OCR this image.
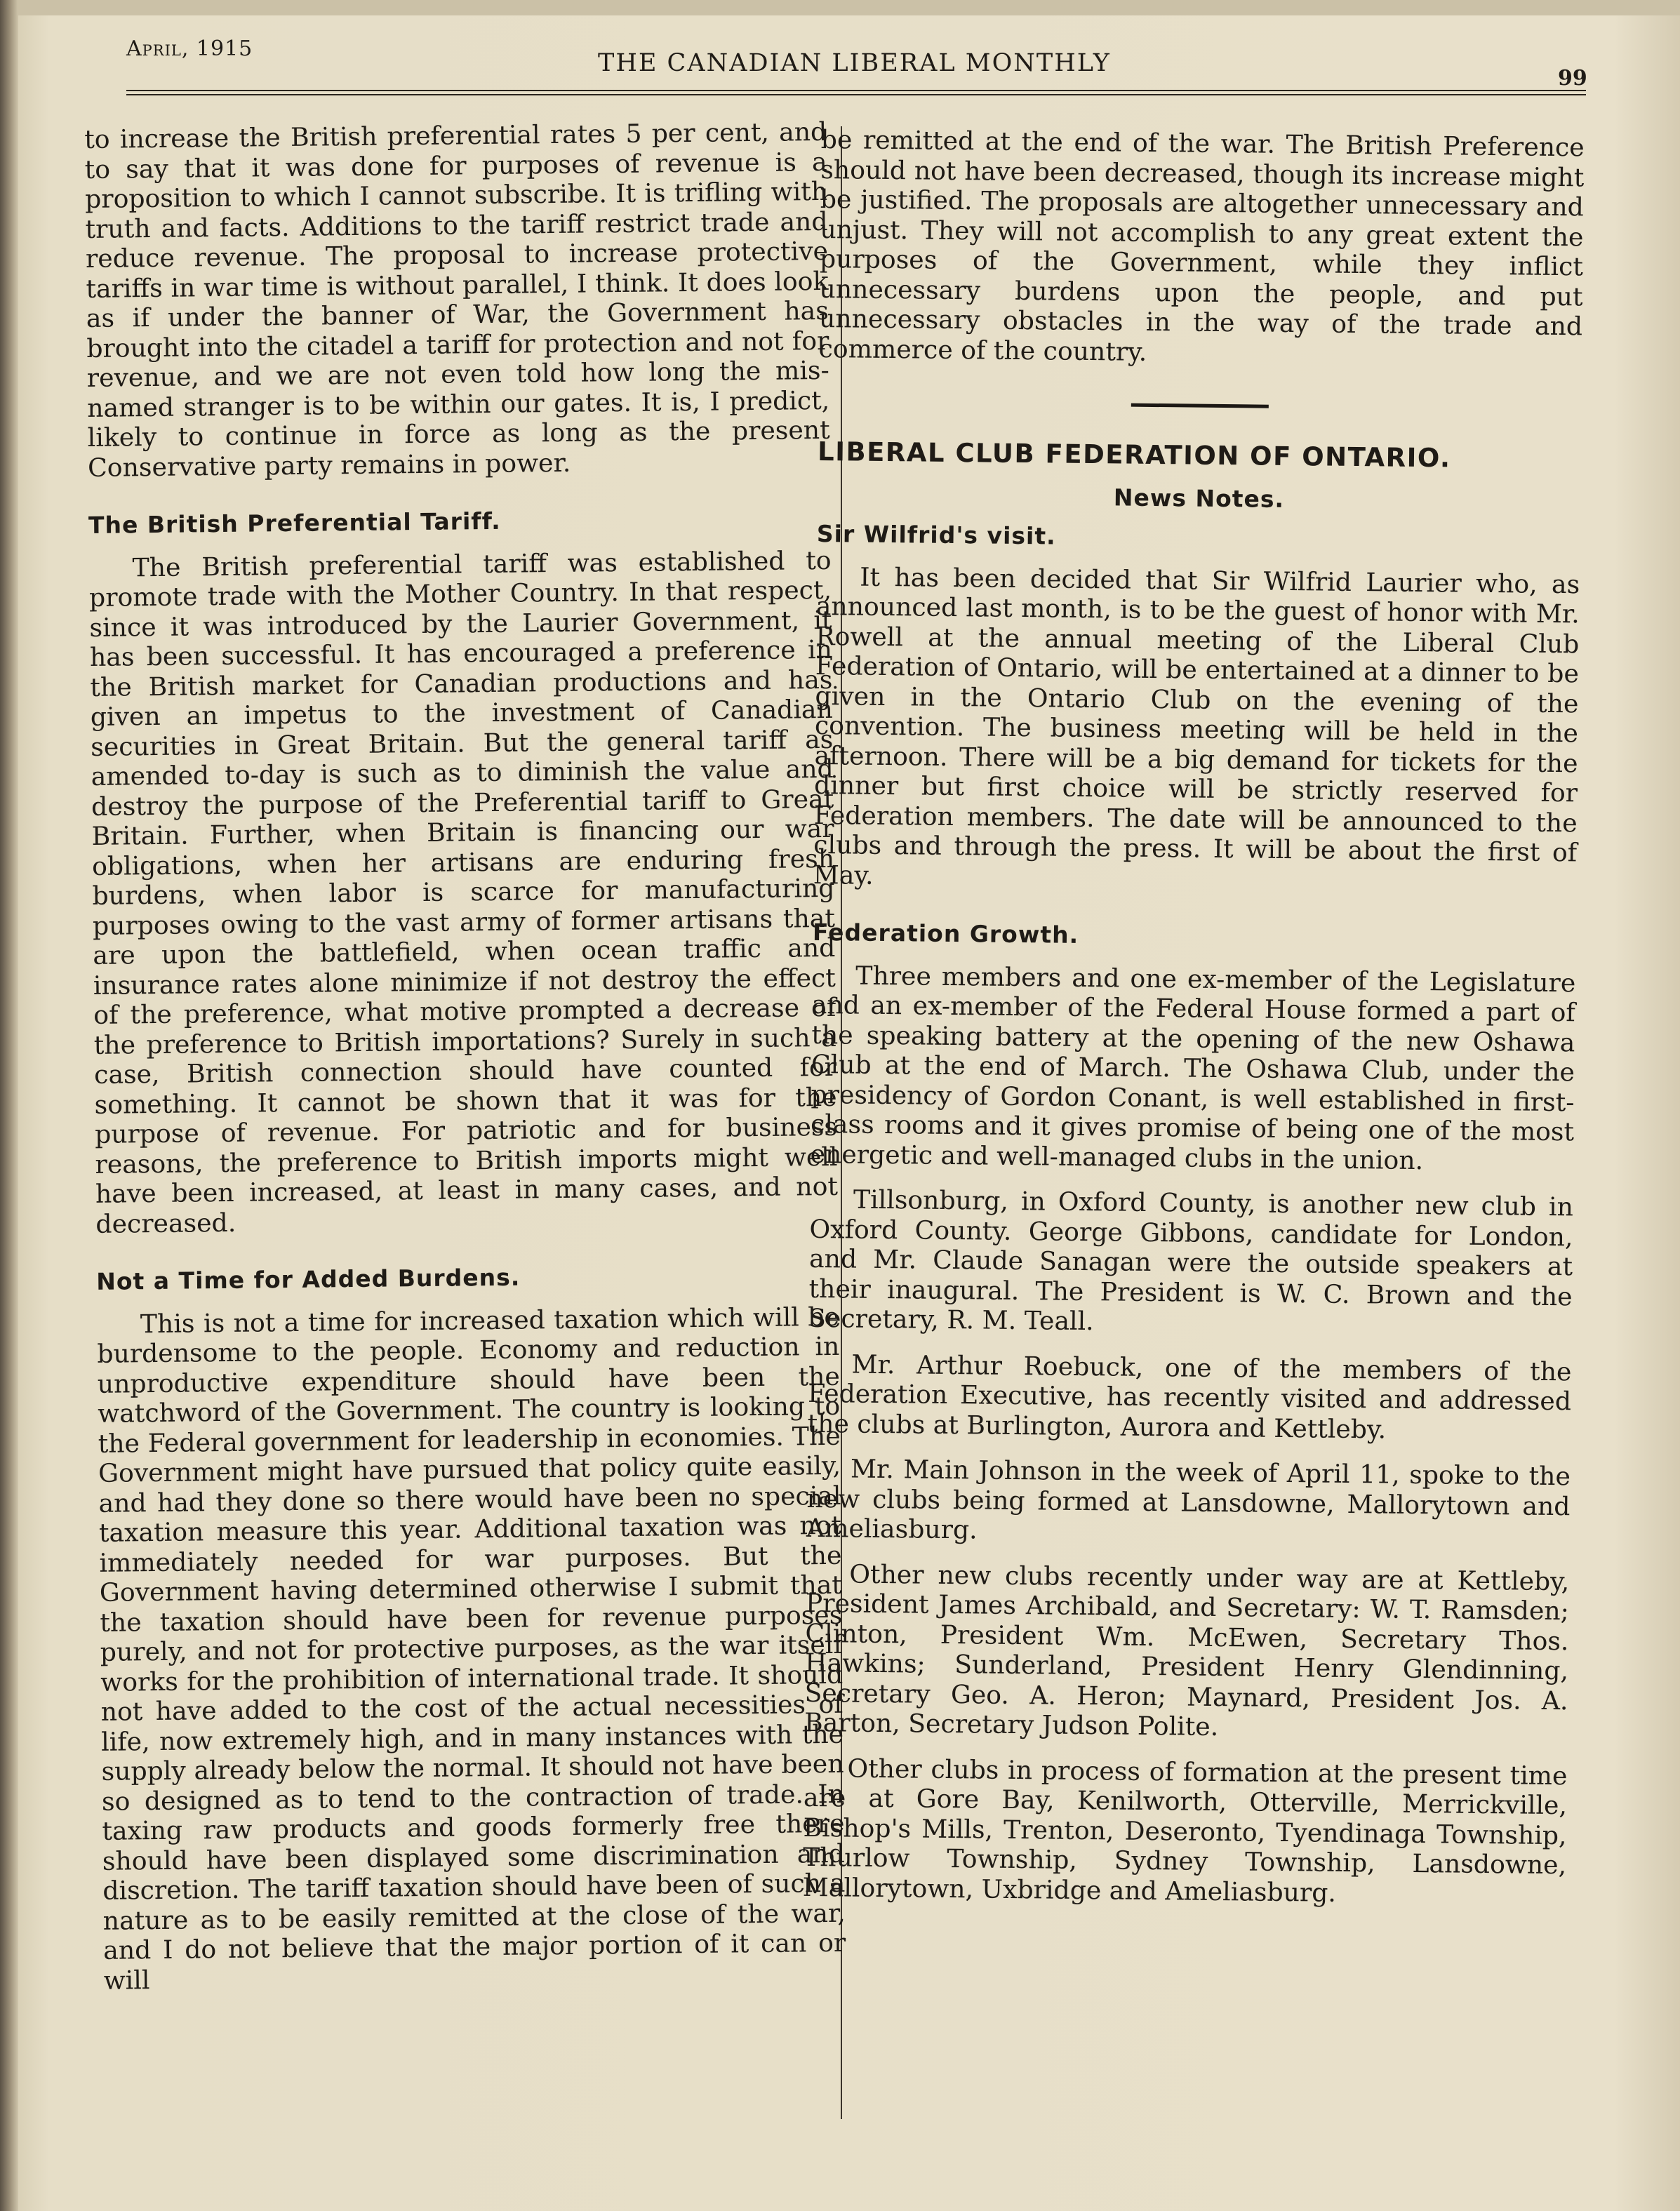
April, 1915
THE CANADIAN LIBERAL MONTHLY
99

to increase the British preferential rates 5 per cent, and to say that it was done for purposes of revenue is a proposition to which I cannot subscribe. It is trifling with truth and facts. Additions to the tariff restrict trade and reduce revenue. The proposal to increase protective tariffs in war time is without parallel, I think. It does look as if under the banner of War, the Government has brought into the citadel a tariff for protection and not for revenue, and we are not even told how long the mis-named stranger is to be within our gates. It is, I predict, likely to continue in force as long as the present Conservative party remains in power.

The British Preferential Tariff.

The British preferential tariff was established to promote trade with the Mother Country. In that respect, since it was introduced by the Laurier Government, it has been successful. It has encouraged a preference in the British market for Canadian productions and has given an impetus to the investment of Canadian securities in Great Britain. But the general tariff as amended to-day is such as to diminish the value and destroy the purpose of the Preferential tariff to Great Britain. Further, when Britain is financing our war obligations, when her artisans are enduring fresh burdens, when labor is scarce for manufacturing purposes owing to the vast army of former artisans that are upon the battlefield, when ocean traffic and insurance rates alone minimize if not destroy the effect of the preference, what motive prompted a decrease of the preference to British importations? Surely in such a case, British connection should have counted for something. It cannot be shown that it was for the purpose of revenue. For patriotic and for business reasons, the preference to British imports might well have been increased, at least in many cases, and not decreased.

Not a Time for Added Burdens.

This is not a time for increased taxation which will be burdensome to the people. Economy and reduction in unproductive expenditure should have been the watchword of the Government. The country is looking to the Federal government for leadership in economies. The Government might have pursued that policy quite easily, and had they done so there would have been no special taxation measure this year. Additional taxation was not immediately needed for war purposes. But the Government having determined otherwise I submit that the taxation should have been for revenue purposes purely, and not for protective purposes, as the war itself works for the prohibition of international trade. It should not have added to the cost of the actual necessities of life, now extremely high, and in many instances with the supply already below the normal. It should not have been so designed as to tend to the contraction of trade. In taxing raw products and goods formerly free there should have been displayed some discrimination and discretion. The tariff taxation should have been of such a nature as to be easily remitted at the close of the war, and I do not believe that the major portion of it can or will

be remitted at the end of the war. The British Preference should not have been decreased, though its increase might be justified. The proposals are altogether unnecessary and unjust. They will not accomplish to any great extent the purposes of the Government, while they inflict unnecessary burdens upon the people, and put unnecessary obstacles in the way of the trade and commerce of the country.

LIBERAL CLUB FEDERATION OF ONTARIO.

News Notes.

Sir Wilfrid's visit.

It has been decided that Sir Wilfrid Laurier who, as announced last month, is to be the guest of honor with Mr. Rowell at the annual meeting of the Liberal Club Federation of Ontario, will be entertained at a dinner to be given in the Ontario Club on the evening of the convention. The business meeting will be held in the afternoon. There will be a big demand for tickets for the dinner but first choice will be strictly reserved for Federation members. The date will be announced to the clubs and through the press. It will be about the first of May.

Federation Growth.

Three members and one ex-member of the Legislature and an ex-member of the Federal House formed a part of the speaking battery at the opening of the new Oshawa Club at the end of March. The Oshawa Club, under the presidency of Gordon Conant, is well established in first-class rooms and it gives promise of being one of the most energetic and well-managed clubs in the union.

Tillsonburg, in Oxford County, is another new club in Oxford County. George Gibbons, candidate for London, and Mr. Claude Sanagan were the outside speakers at their inaugural. The President is W. C. Brown and the Secretary, R. M. Teall.

Mr. Arthur Roebuck, one of the members of the Federation Executive, has recently visited and addressed the clubs at Burlington, Aurora and Kettleby.

Mr. Main Johnson in the week of April 11, spoke to the new clubs being formed at Lansdowne, Mallorytown and Ameliasburg.

Other new clubs recently under way are at Kettleby, President James Archibald, and Secretary: W. T. Ramsden; Clinton, President Wm. McEwen, Secretary Thos. Hawkins; Sunderland, President Henry Glendinning, Secretary Geo. A. Heron; Maynard, President Jos. A. Barton, Secretary Judson Polite.

Other clubs in process of formation at the present time are at Gore Bay, Kenilworth, Otterville, Merrickville, Bishop's Mills, Trenton, Deseronto, Tyendinaga Township, Thurlow Township, Sydney Township, Lansdowne, Mallorytown, Uxbridge and Ameliasburg.
